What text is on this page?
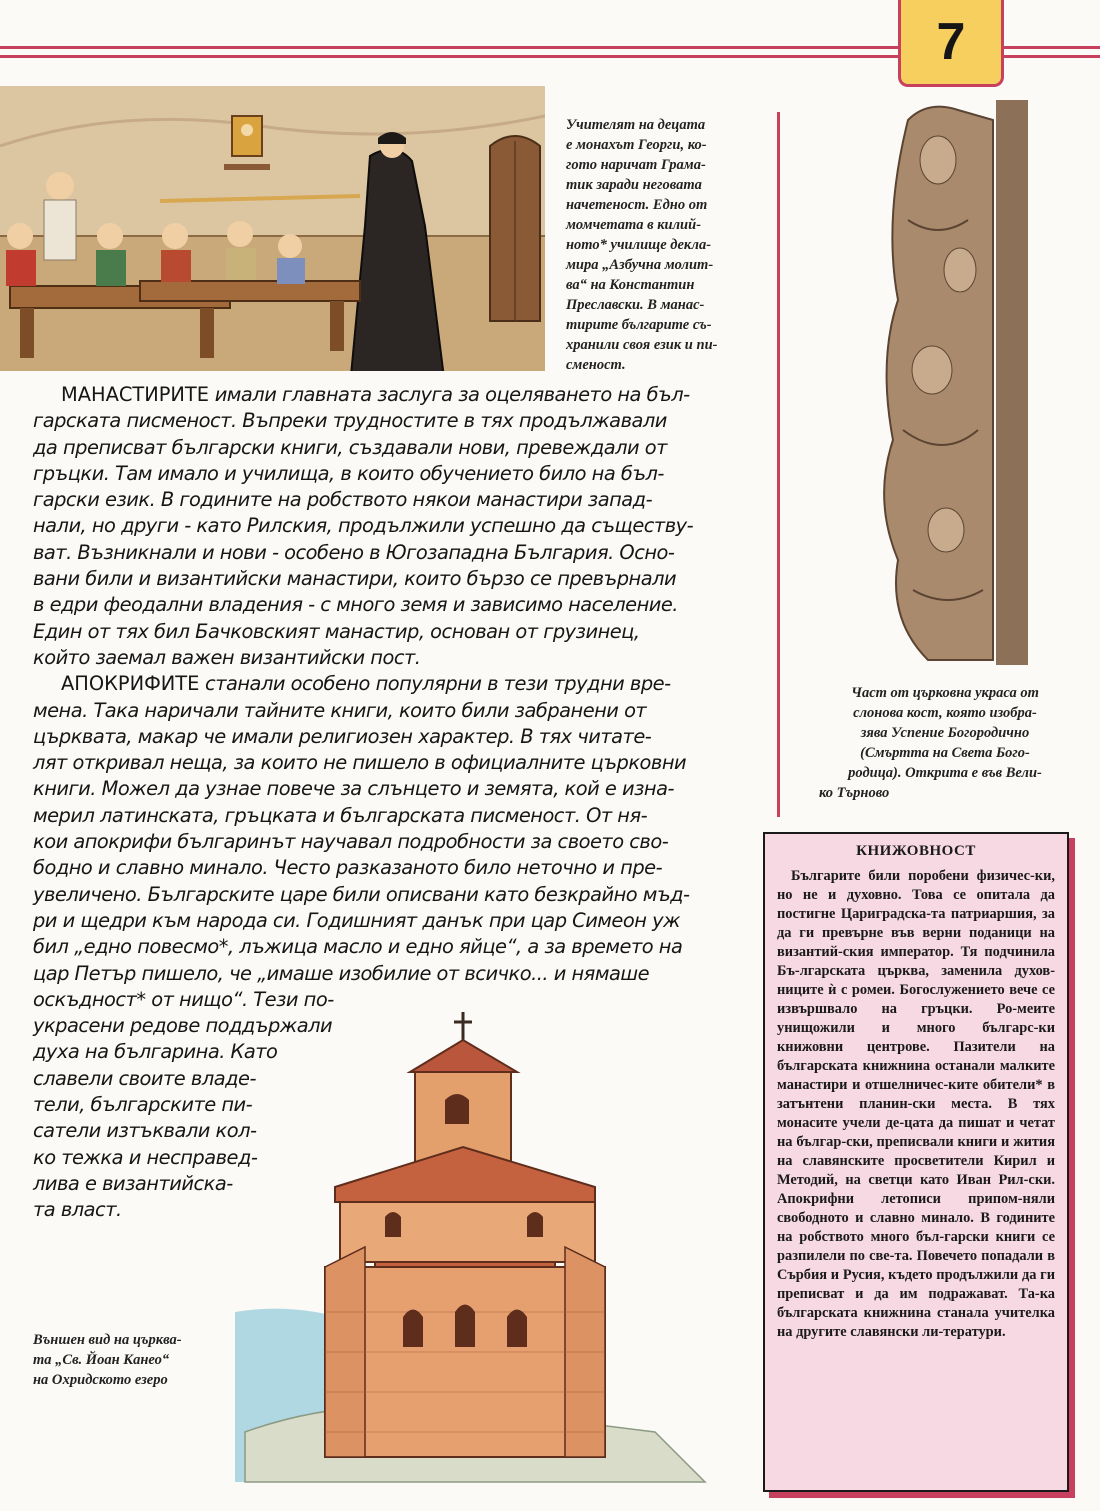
7
Учителят на децата
е монахът Георги, ко-
гото наричат Грама-
тик заради неговата
начетеност. Едно от
момчетата в килий-
ното* училище декла-
мира „Азбучна молит-
ва“ на Константин
Преславски. В манас-
тирите българите съ-
хранили своя език и пи-
сменост.
Част от църковна украса от
слонова кост, която изобра-
зява Успение Богородично
(Смъртта на Света Бого-
родица). Открита е във Вели-
ко Търново
МАНАСТИРИТЕ имали главната заслуга за оцеляването на бъл-
гарската писменост. Въпреки трудностите в тях продължавали
да преписват български книги, създавали нови, превеждали от
гръцки. Там имало и училища, в които обучението било на бъл-
гарски език. В годините на робството някои манастири запад-
нали, но други - като Рилския, продължили успешно да съществу-
ват. Възникнали и нови - особено в Югозападна България. Осно-
вани били и византийски манастири, които бързо се превърнали
в едри феодални владения - с много земя и зависимо население.
Един от тях бил Бачковският манастир, основан от грузинец,
който заемал важен византийски пост.
АПОКРИФИТЕ станали особено популярни в тези трудни вре-
мена. Така наричали тайните книги, които били забранени от
църквата, макар че имали религиозен характер. В тях читате-
лят откривал неща, за които не пишело в официалните църковни
книги. Можел да узнае повече за слънцето и земята, кой е изна-
мерил латинската, гръцката и българската писменост. От ня-
кои апокрифи българинът научавал подробности за своето сво-
бодно и славно минало. Често разказаното било неточно и пре-
увеличено. Българските царе били описвани като безкрайно мъд-
ри и щедри към народа си. Годишният данък при цар Симеон уж
бил „едно повесмо*, лъжица масло и едно яйце“, а за времето на
цар Петър пишело, че „имаше изобилие от всичко... и нямаше
оскъдност* от нищо“. Тези по-
украсени редове поддържали
духа на българина. Като
славели своите владе-
тели, българските пи-
сатели изтъквали кол-
ко тежка и несправед-
лива е византийска-
та власт.
Външен вид на църква-
та „Св. Йоан Канео“
на Охридското езеро
КНИЖОВНОСТ
Българите били поробени физичес-ки, но не и духовно. Това се опитала да постигне Цариградска-та патриаршия, за да ги превърне във верни поданици на византий-ския император. Тя подчинила Бъ-лгарската църква, заменила духов-ниците ѝ с ромеи. Богослужението вече се извършвало на гръцки. Ро-меите унищожили и много българс-ки книжовни центрове. Пазители на българската книжнина останали малките манастири и отшелничес-ките обители* в затънтени планин-ски места. В тях монасите учели де-цата да пишат и четат на българ-ски, преписвали книги и жития на славянските просветители Кирил и Методий, на светци като Иван Рил-ски. Апокрифни летописи припом-няли свободното и славно минало. В годините на робството много бъл-гарски книги се разпилели по све-та. Повечето попадали в Сърбия и Русия, където продължили да ги преписват и да им подражават. Та-ка българската книжнина станала учителка на другите славянски ли-тератури.
